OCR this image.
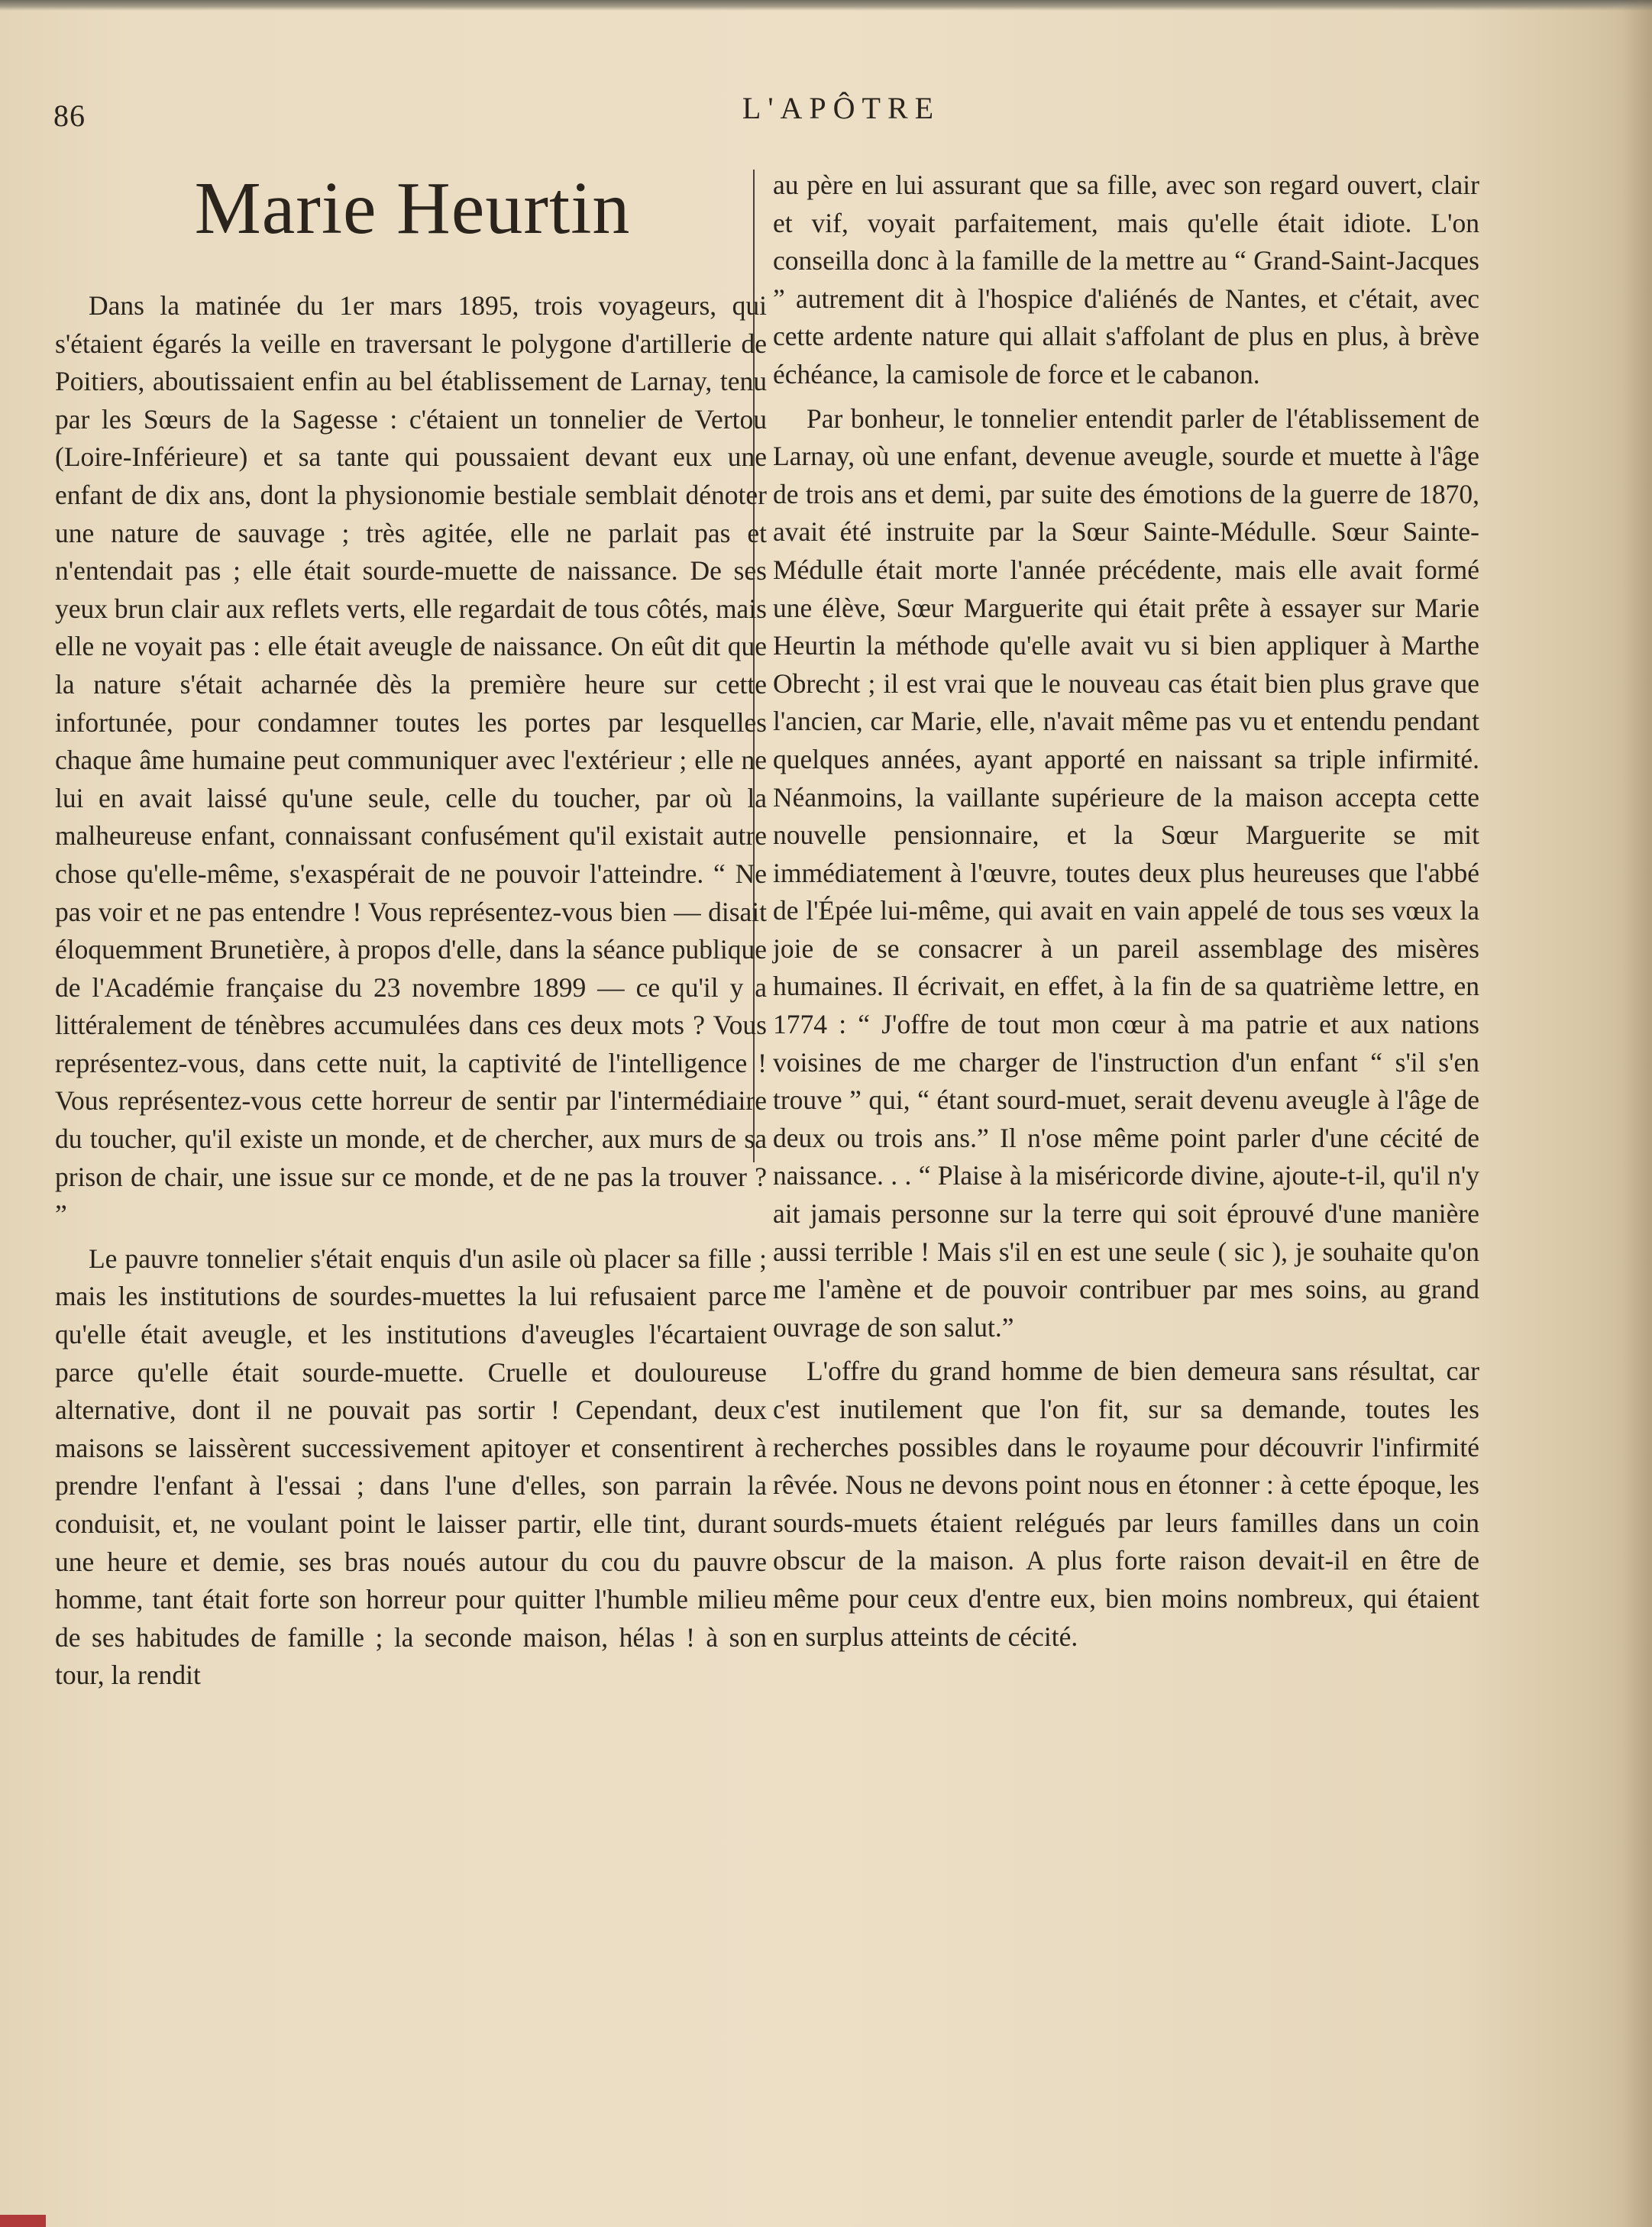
86	L'APÔTRE
Marie Heurtin

Dans la matinée du 1er mars 1895, trois voyageurs, qui s'étaient égarés la veille en traversant le polygone d'artillerie de Poitiers, aboutissaient enfin au bel établissement de Larnay, tenu par les Sœurs de la Sagesse : c'étaient un tonnelier de Vertou (Loire-Inférieure) et sa tante qui poussaient devant eux une enfant de dix ans, dont la physionomie bestiale semblait dénoter une nature de sauvage ; très agitée, elle ne parlait pas et n'entendait pas ; elle était sourde-muette de naissance. De ses yeux brun clair aux reflets verts, elle regardait de tous côtés, mais elle ne voyait pas : elle était aveugle de naissance. On eût dit que la nature s'était acharnée dès la première heure sur cette infortunée, pour condamner toutes les portes par lesquelles chaque âme humaine peut communiquer avec l'extérieur ; elle ne lui en avait laissé qu'une seule, celle du toucher, par où la malheureuse enfant, connaissant confusément qu'il existait autre chose qu'elle-même, s'exaspérait de ne pouvoir l'atteindre. “ Ne pas voir et ne pas entendre ! Vous représentez-vous bien — disait éloquemment Brunetière, à propos d'elle, dans la séance publique de l'Académie française du 23 novembre 1899 — ce qu'il y a littéralement de ténèbres accumulées dans ces deux mots ? Vous représentez-vous, dans cette nuit, la captivité de l'intelligence ! Vous représentez-vous cette horreur de sentir par l'intermédiaire du toucher, qu'il existe un monde, et de chercher, aux murs de sa prison de chair, une issue sur ce monde, et de ne pas la trouver ? ”

Le pauvre tonnelier s'était enquis d'un asile où placer sa fille ; mais les institutions de sourdes-muettes la lui refusaient parce qu'elle était aveugle, et les institutions d'aveugles l'écartaient parce qu'elle était sourde-muette. Cruelle et douloureuse alternative, dont il ne pouvait pas sortir ! Cependant, deux maisons se laissèrent successivement apitoyer et consentirent à prendre l'enfant à l'essai ; dans l'une d'elles, son parrain la conduisit, et, ne voulant point le laisser partir, elle tint, durant une heure et demie, ses bras noués autour du cou du pauvre homme, tant était forte son horreur pour quitter l'humble milieu de ses habitudes de famille ; la seconde maison, hélas ! à son tour, la rendit

au père en lui assurant que sa fille, avec son regard ouvert, clair et vif, voyait parfaitement, mais qu'elle était idiote. L'on conseilla donc à la famille de la mettre au “ Grand-Saint-Jacques ” autrement dit à l'hospice d'aliénés de Nantes, et c'était, avec cette ardente nature qui allait s'affolant de plus en plus, à brève échéance, la camisole de force et le cabanon.

Par bonheur, le tonnelier entendit parler de l'établissement de Larnay, où une enfant, devenue aveugle, sourde et muette à l'âge de trois ans et demi, par suite des émotions de la guerre de 1870, avait été instruite par la Sœur Sainte-Médulle. Sœur Sainte-Médulle était morte l'année précédente, mais elle avait formé une élève, Sœur Marguerite qui était prête à essayer sur Marie Heurtin la méthode qu'elle avait vu si bien appliquer à Marthe Obrecht ; il est vrai que le nouveau cas était bien plus grave que l'ancien, car Marie, elle, n'avait même pas vu et entendu pendant quelques années, ayant apporté en naissant sa triple infirmité. Néanmoins, la vaillante supérieure de la maison accepta cette nouvelle pensionnaire, et la Sœur Marguerite se mit immédiatement à l'œuvre, toutes deux plus heureuses que l'abbé de l'Épée lui-même, qui avait en vain appelé de tous ses vœux la joie de se consacrer à un pareil assemblage des misères humaines. Il écrivait, en effet, à la fin de sa quatrième lettre, en 1774 : “ J'offre de tout mon cœur à ma patrie et aux nations voisines de me charger de l'instruction d'un enfant “ s'il s'en trouve ” qui, “ étant sourd-muet, serait devenu aveugle à l'âge de deux ou trois ans.” Il n'ose même point parler d'une cécité de naissance. . . “ Plaise à la miséricorde divine, ajoute-t-il, qu'il n'y ait jamais personne sur la terre qui soit éprouvé d'une manière aussi terrible ! Mais s'il en est une seule ( sic ), je souhaite qu'on me l'amène et de pouvoir contribuer par mes soins, au grand ouvrage de son salut.”

L'offre du grand homme de bien demeura sans résultat, car c'est inutilement que l'on fit, sur sa demande, toutes les recherches possibles dans le royaume pour découvrir l'infirmité rêvée. Nous ne devons point nous en étonner : à cette époque, les sourds-muets étaient relégués par leurs familles dans un coin obscur de la maison. A plus forte raison devait-il en être de même pour ceux d'entre eux, bien moins nombreux, qui étaient en surplus atteints de cécité.
